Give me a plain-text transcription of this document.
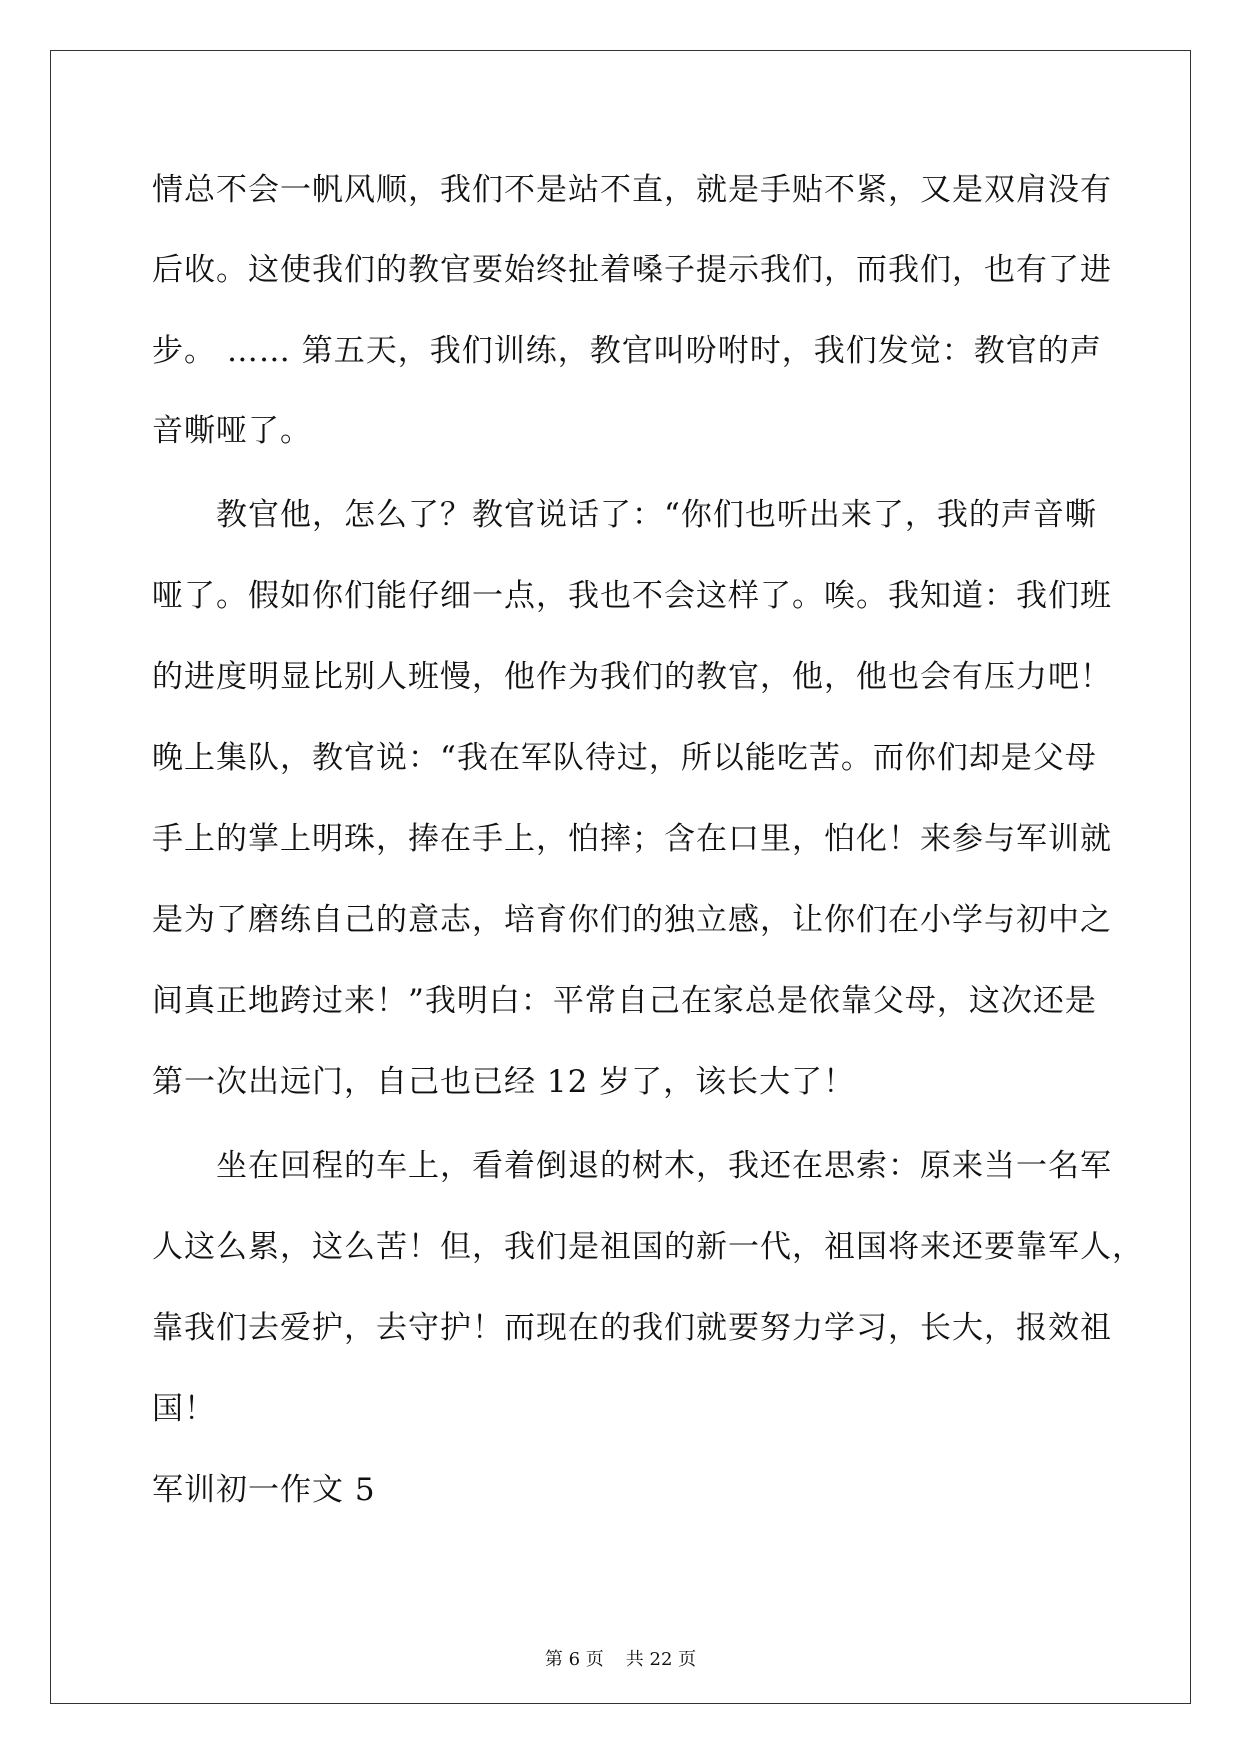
情总不会一帆风顺，我们不是站不直，就是手贴不紧，又是双肩没有
后收。这使我们的教官要始终扯着嗓子提示我们，而我们，也有了进
步。 …… 第五天，我们训练，教官叫吩咐时，我们发觉：教官的声
音嘶哑了。
　　教官他，怎么了？教官说话了：“你们也听出来了，我的声音嘶
哑了。假如你们能仔细一点，我也不会这样了。唉。我知道：我们班
的进度明显比别人班慢，他作为我们的教官，他，他也会有压力吧！
晚上集队，教官说：“我在军队待过，所以能吃苦。而你们却是父母
手上的掌上明珠，捧在手上，怕摔；含在口里，怕化！来参与军训就
是为了磨练自己的意志，培育你们的独立感，让你们在小学与初中之
间真正地跨过来！”我明白：平常自己在家总是依靠父母，这次还是
第一次出远门，自己也已经 12 岁了，该长大了！
　　坐在回程的车上，看着倒退的树木，我还在思索：原来当一名军
人这么累，这么苦！但，我们是祖国的新一代，祖国将来还要靠军人，
靠我们去爱护，去守护！而现在的我们就要努力学习，长大，报效祖
国！
军训初一作文 5
第 6 页 共 22 页
